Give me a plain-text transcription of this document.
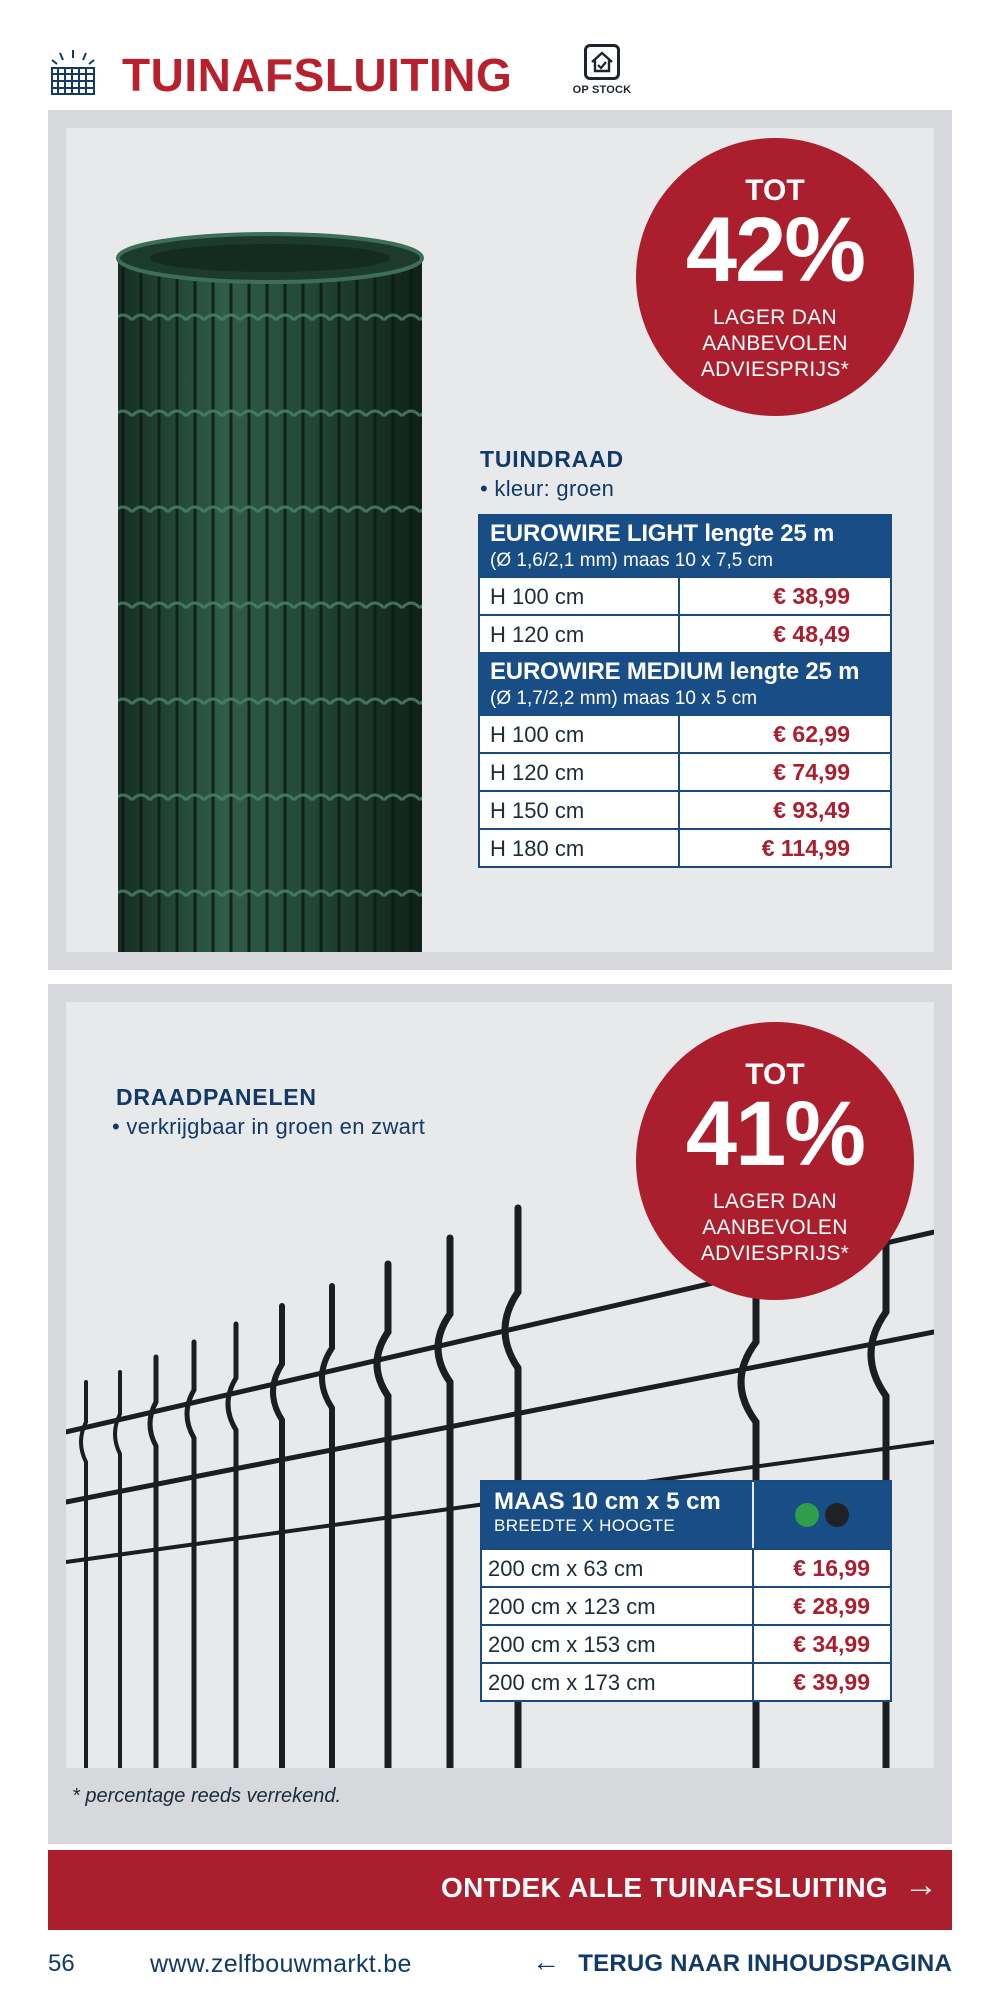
TUINAFSLUITING	OP STOCK
TOT
42%
LAGER DAN
AANBEVOLEN
ADVIESPRIJS*
TUINDRAAD
• kleur: groen
EUROWIRE LIGHT lengte 25 m
(Ø 1,6/2,1 mm) maas 10 x 7,5 cm
H 100 cm	€ 38,99
H 120 cm	€ 48,49
EUROWIRE MEDIUM lengte 25 m
(Ø 1,7/2,2 mm) maas 10 x 5 cm
H 100 cm	€ 62,99
H 120 cm	€ 74,99
H 150 cm	€ 93,49
H 180 cm	€ 114,99
DRAADPANELEN
• verkrijgbaar in groen en zwart
TOT
41%
LAGER DAN
AANBEVOLEN
ADVIESPRIJS*
MAAS 10 cm x 5 cm
BREEDTE X HOOGTE
200 cm x 63 cm	€ 16,99
200 cm x 123 cm	€ 28,99
200 cm x 153 cm	€ 34,99
200 cm x 173 cm	€ 39,99
* percentage reeds verrekend.
ONTDEK ALLE TUINAFSLUITING →
56	www.zelfbouwmarkt.be	← TERUG NAAR INHOUDSPAGINA
